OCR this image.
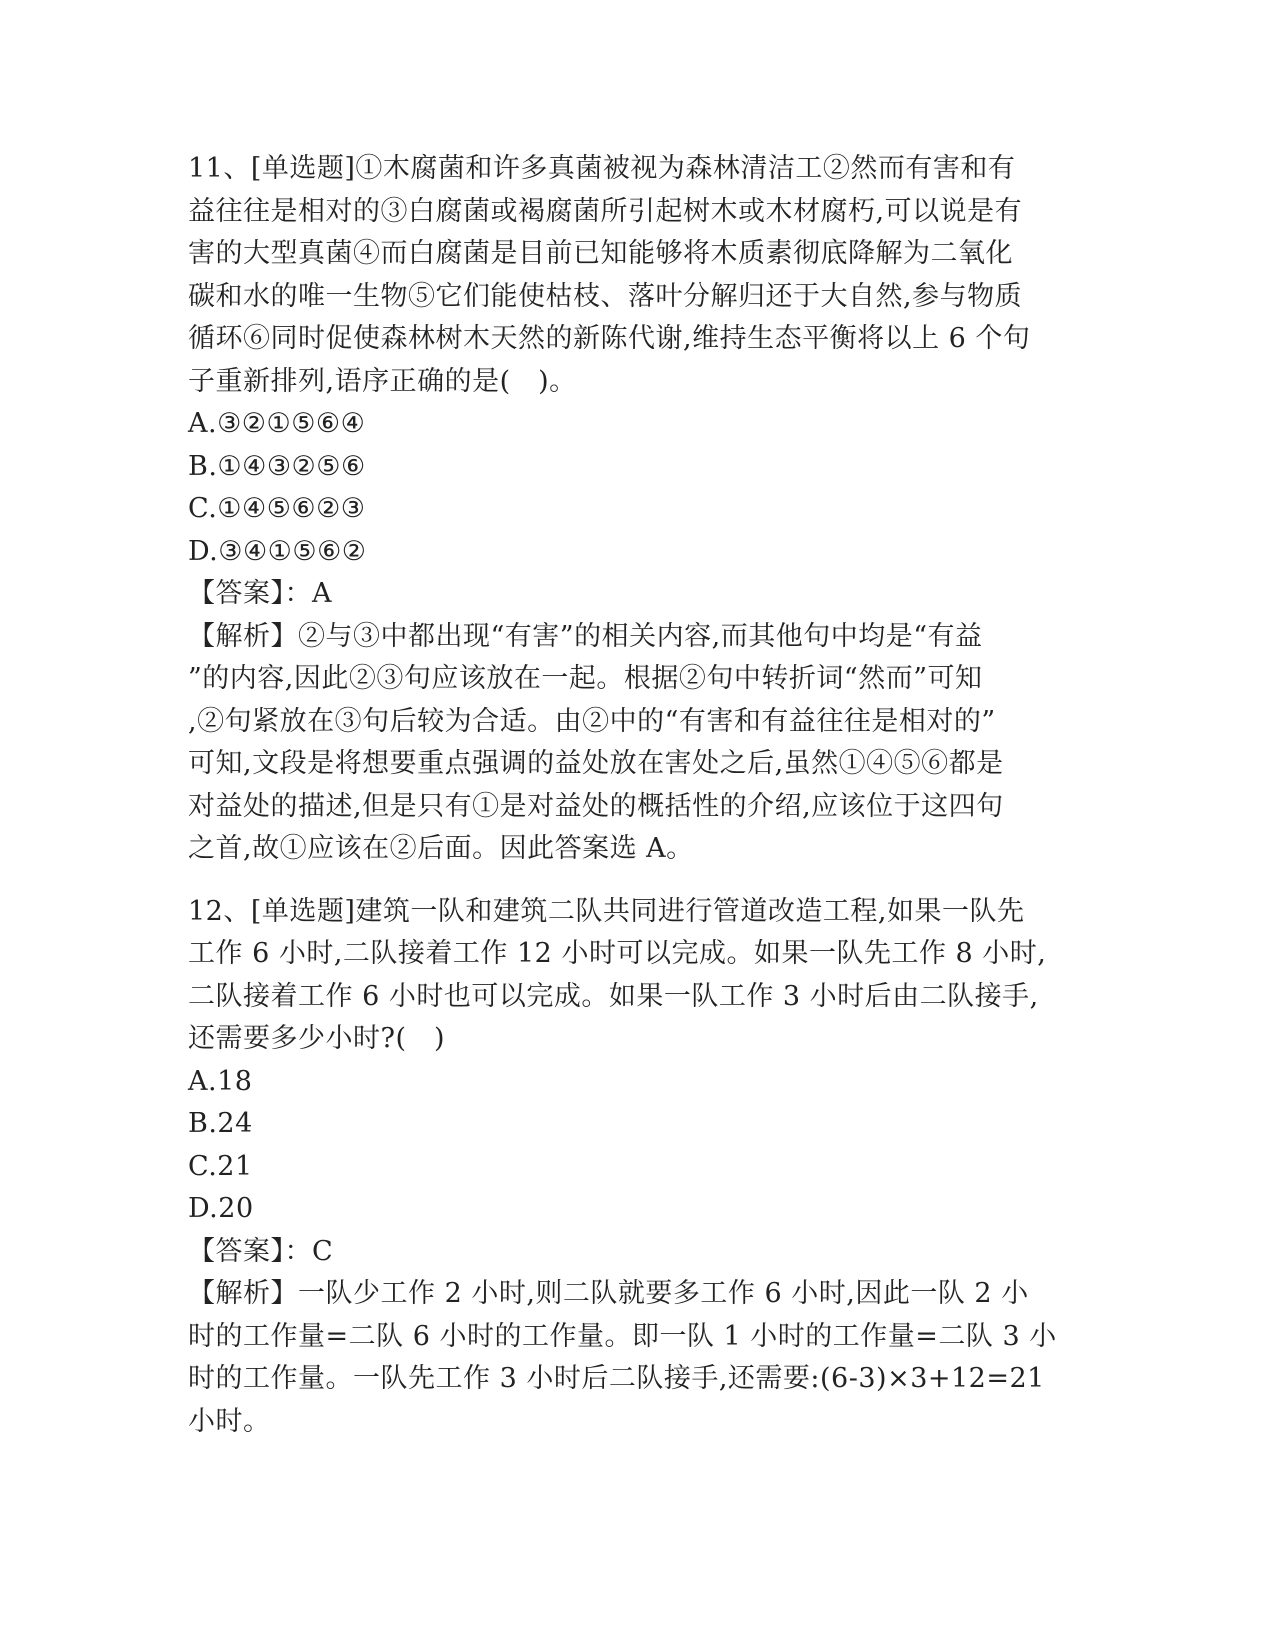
11、[单选题]①木腐菌和许多真菌被视为森林清洁工②然而有害和有
益往往是相对的③白腐菌或褐腐菌所引起树木或木材腐朽,可以说是有
害的大型真菌④而白腐菌是目前已知能够将木质素彻底降解为二氧化
碳和水的唯一生物⑤它们能使枯枝、落叶分解归还于大自然,参与物质
循环⑥同时促使森林树木天然的新陈代谢,维持生态平衡将以上 6 个句
子重新排列,语序正确的是(　)。
A.③②①⑤⑥④
B.①④③②⑤⑥
C.①④⑤⑥②③
D.③④①⑤⑥②
【答案】：A
【解析】②与③中都出现“有害”的相关内容,而其他句中均是“有益
”的内容,因此②③句应该放在一起。根据②句中转折词“然而”可知
,②句紧放在③句后较为合适。由②中的“有害和有益往往是相对的”
可知,文段是将想要重点强调的益处放在害处之后,虽然①④⑤⑥都是
对益处的描述,但是只有①是对益处的概括性的介绍,应该位于这四句
之首,故①应该在②后面。因此答案选 A。
12、[单选题]建筑一队和建筑二队共同进行管道改造工程,如果一队先
工作 6 小时,二队接着工作 12 小时可以完成。如果一队先工作 8 小时,
二队接着工作 6 小时也可以完成。如果一队工作 3 小时后由二队接手,
还需要多少小时?(　)
A.18
B.24
C.21
D.20
【答案】：C
【解析】一队少工作 2 小时,则二队就要多工作 6 小时,因此一队 2 小
时的工作量=二队 6 小时的工作量。即一队 1 小时的工作量=二队 3 小
时的工作量。一队先工作 3 小时后二队接手,还需要:(6-3)×3+12=21
小时。
